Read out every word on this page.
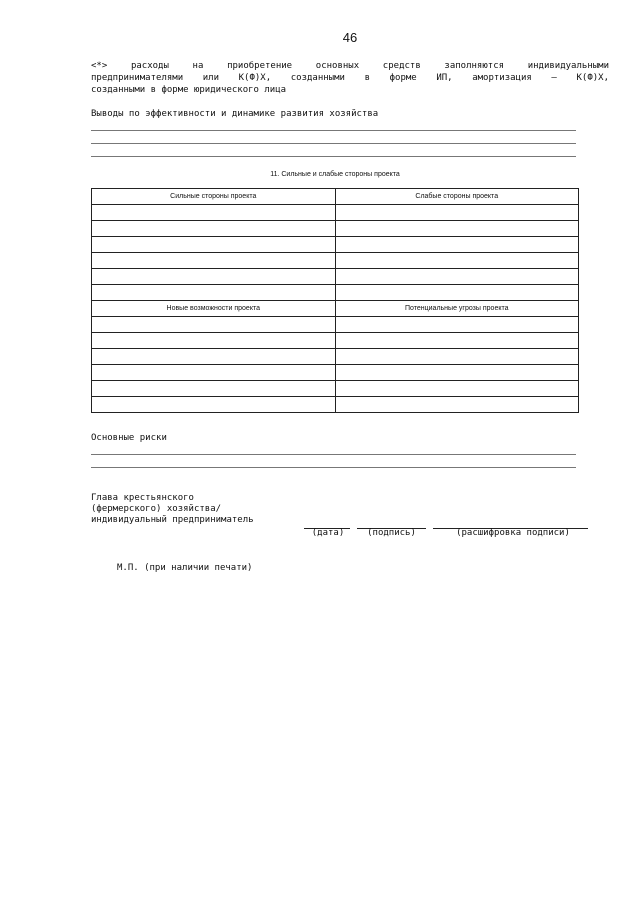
46
<*> расходы на приобретение основных средств заполняются индивидуальными
предпринимателями или К(Ф)Х, созданными в форме ИП, амортизация – К(Ф)Х,
созданными в форме юридического лица
Выводы по эффективности и динамике развития хозяйства
11. Сильные и слабые стороны проекта
Сильные стороны проекта	Слабые стороны проекта

Новые возможности проекта	Потенциальные угрозы проекта

Основные риски
Глава крестьянского
(фермерского) хозяйства/
индивидуальный предприниматель
(дата)	(подпись)	(расшифровка подписи)
М.П. (при наличии печати)
